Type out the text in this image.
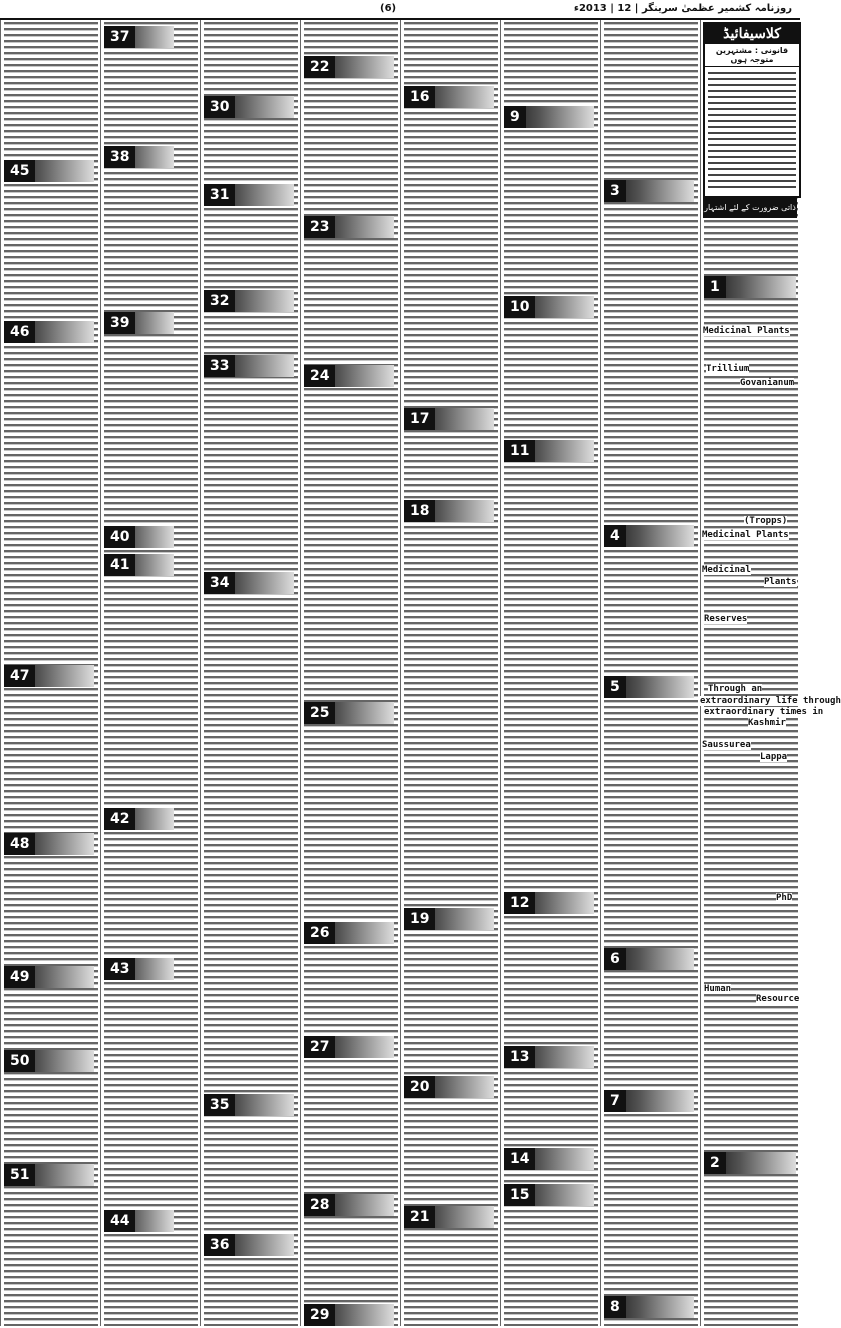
(6)	روزنامہ کشمیر عظمیٰ سرینگر | 12 | 2013ء
کلاسیفائیڈ
قانونی : مشتہرین متوجہ ہوں
ذاتی ضرورت کے لئے اشتہار
Medicinal Plants
Trillium
Govanianum
(Tropps)
Medicinal Plants
Medicinal
Plants
Reserves
Through an
extraordinary life through
extraordinary times in
Kashmir
Saussurea
Lappa
PhD
Human
Resource
45
46
47
48
49
50
51
37
38
39
40
41
42
43
44
30
31
32
33
34
35
36
22
23
24
25
26
27
28
29
16
17
18
19
20
21
9
10
11
12
13
14
15
3
4
5
6
7
8
1
2
